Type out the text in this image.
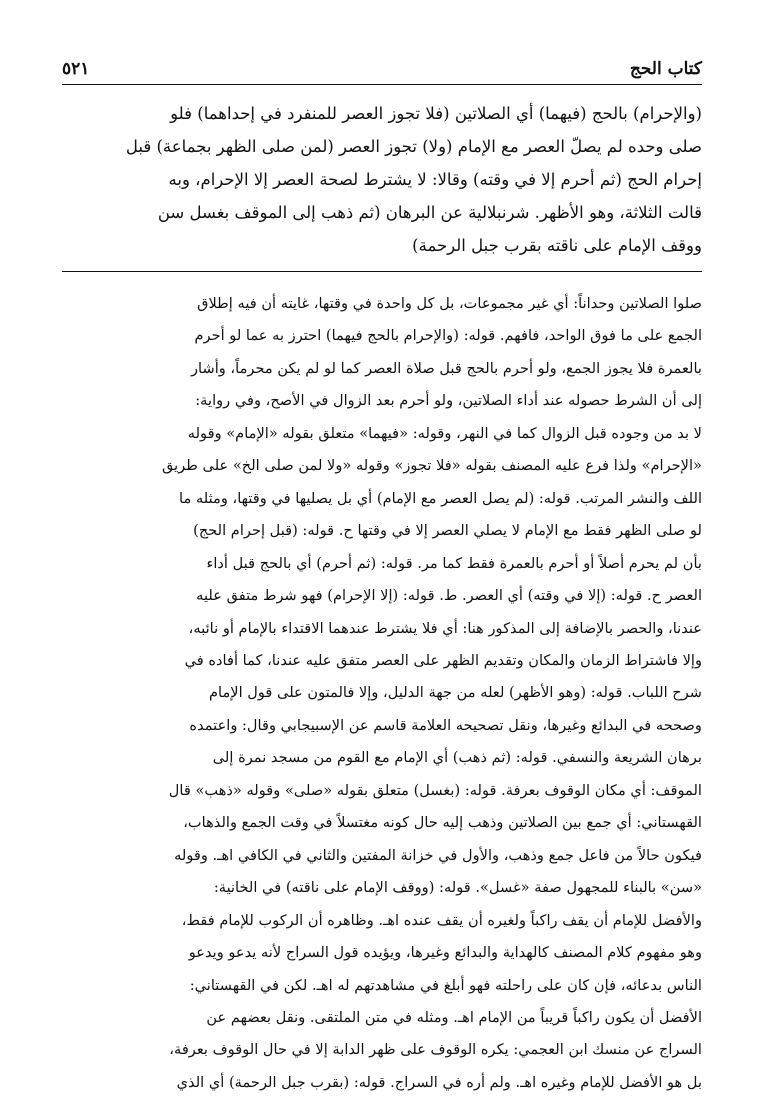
كتاب الحج
٥٢١
(والإحرام) بالحج (فيهما) أي الصلاتين (فلا تجوز العصر للمنفرد في إحداهما) فلو
صلى وحده لم يصلّ العصر مع الإمام (ولا) تجوز العصر (لمن صلى الظهر بجماعة) قبل
إحرام الحج (ثم أحرم إلا في وقته) وقالا: لا يشترط لصحة العصر إلا الإحرام، وبه
قالت الثلاثة، وهو الأظهر. شرنبلالية عن البرهان (ثم ذهب إلى الموقف بغسل سن
ووقف الإمام على ناقته بقرب جبل الرحمة)
صلوا الصلاتين وحداناً: أي غير مجموعات، بل كل واحدة في وقتها، غايته أن فيه إطلاق
الجمع على ما فوق الواحد، فافهم. قوله: (والإحرام بالحج فيهما) احترز به عما لو أحرم
بالعمرة فلا يجوز الجمع، ولو أحرم بالحج قبل صلاة العصر كما لو لم يكن محرماً، وأشار
إلى أن الشرط حصوله عند أداء الصلاتين، ولو أحرم بعد الزوال في الأصح، وفي رواية:
لا بد من وجوده قبل الزوال كما في النهر، وقوله: «فيهما» متعلق بقوله «الإمام» وقوله
«الإحرام» ولذا فرع عليه المصنف بقوله «فلا تجوز» وقوله «ولا لمن صلى الخ» على طريق
اللف والنشر المرتب. قوله: (لم يصل العصر مع الإمام) أي بل يصليها في وقتها، ومثله ما
لو صلى الظهر فقط مع الإمام لا يصلي العصر إلا في وقتها ح. قوله: (قبل إحرام الحج)
بأن لم يحرم أصلاً أو أحرم بالعمرة فقط كما مر. قوله: (ثم أحرم) أي بالحج قبل أداء
العصر ح. قوله: (إلا في وقته) أي العصر. ط. قوله: (إلا الإحرام) فهو شرط متفق عليه
عندنا، والحصر بالإضافة إلى المذكور هنا: أي فلا يشترط عندهما الاقتداء بالإمام أو نائبه،
وإلا فاشتراط الزمان والمكان وتقديم الظهر على العصر متفق عليه عندنا، كما أفاده في
شرح اللباب. قوله: (وهو الأظهر) لعله من جهة الدليل، وإلا فالمتون على قول الإمام
وصححه في البدائع وغيرها، ونقل تصحيحه العلامة قاسم عن الإسبيجابي وقال: واعتمده
برهان الشريعة والنسفي. قوله: (ثم ذهب) أي الإمام مع القوم من مسجد نمرة إلى
الموقف: أي مكان الوقوف بعرفة. قوله: (بغسل) متعلق بقوله «صلى» وقوله «ذهب» قال
القهستاني: أي جمع بين الصلاتين وذهب إليه حال كونه مغتسلاً في وقت الجمع والذهاب،
فيكون حالاً من فاعل جمع وذهب، والأول في خزانة المفتين والثاني في الكافي اهـ. وقوله
«سن» بالبناء للمجهول صفة «غسل». قوله: (ووقف الإمام على ناقته) في الخانية:
والأفضل للإمام أن يقف راكباً ولغيره أن يقف عنده اهـ. وظاهره أن الركوب للإمام فقط،
وهو مفهوم كلام المصنف كالهداية والبدائع وغيرها، ويؤيده قول السراج لأنه يدعو ويدعو
الناس بدعائه، فإن كان على راحلته فهو أبلغ في مشاهدتهم له اهـ. لكن في القهستاني:
الأفضل أن يكون راكباً قريباً من الإمام اهـ. ومثله في متن الملتقى. ونقل بعضهم عن
السراج عن منسك ابن العجمي: يكره الوقوف على ظهر الدابة إلا في حال الوقوف بعرفة،
بل هو الأفضل للإمام وغيره اهـ. ولم أره في السراج. قوله: (بقرب جبل الرحمة) أي الذي
